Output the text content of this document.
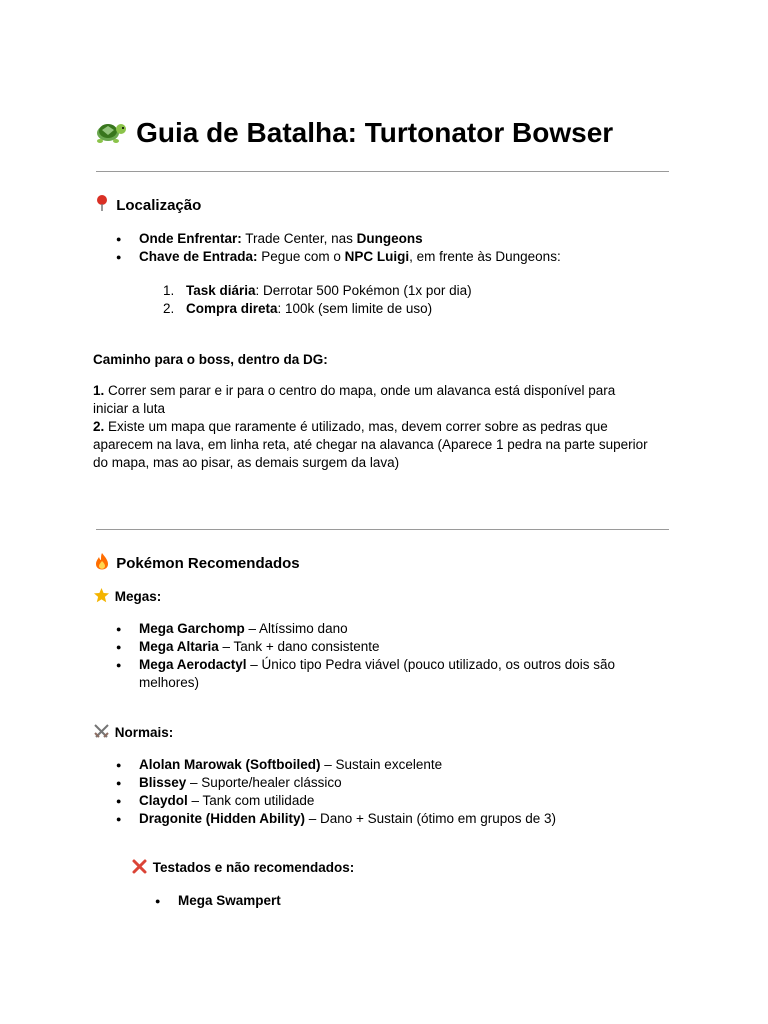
Guia de Batalha: Turtonator Bowser
Localização
● Onde Enfrentar: Trade Center, nas Dungeons
● Chave de Entrada: Pegue com o NPC Luigi, em frente às Dungeons:
1. Task diária: Derrotar 500 Pokémon (1x por dia)
2. Compra direta: 100k (sem limite de uso)
Caminho para o boss, dentro da DG:
1. Correr sem parar e ir para o centro do mapa, onde um alavanca está disponível para iniciar a luta
2. Existe um mapa que raramente é utilizado, mas, devem correr sobre as pedras que aparecem na lava, em linha reta, até chegar na alavanca (Aparece 1 pedra na parte superior do mapa, mas ao pisar, as demais surgem da lava)
Pokémon Recomendados
Megas:
● Mega Garchomp – Altíssimo dano
● Mega Altaria – Tank + dano consistente
● Mega Aerodactyl – Único tipo Pedra viável (pouco utilizado, os outros dois são melhores)
Normais:
● Alolan Marowak (Softboiled) – Sustain excelente
● Blissey – Suporte/healer clássico
● Claydol – Tank com utilidade
● Dragonite (Hidden Ability) – Dano + Sustain (ótimo em grupos de 3)
Testados e não recomendados:
● Mega Swampert
